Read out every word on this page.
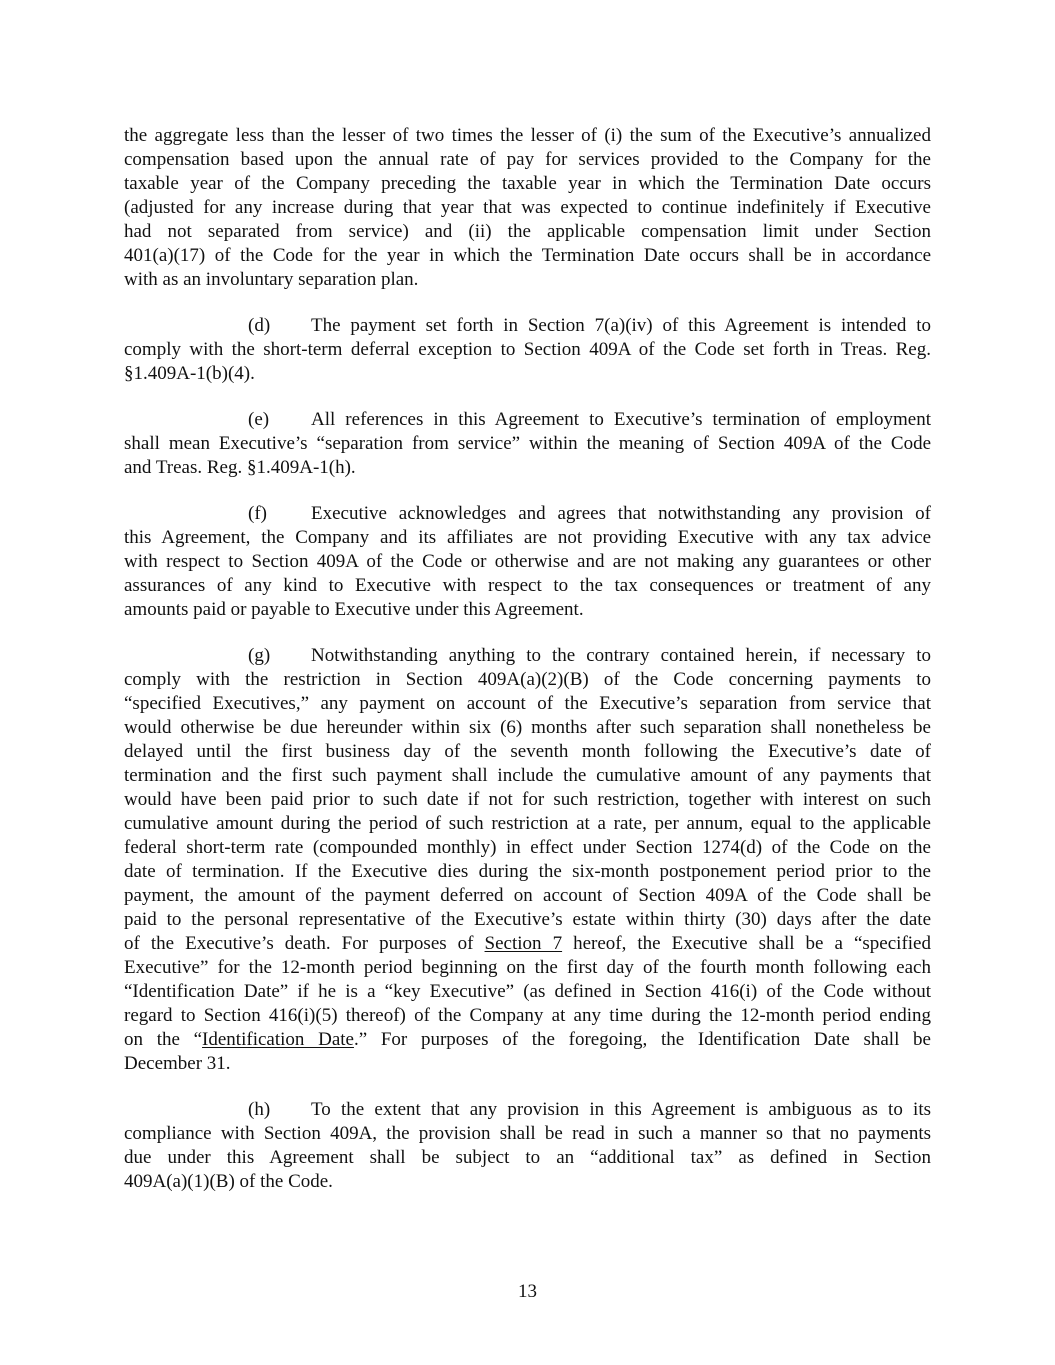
the aggregate less than the lesser of two times the lesser of (i) the sum of the Executive’s annualized
compensation based upon the annual rate of pay for services provided to the Company for the
taxable year of the Company preceding the taxable year in which the Termination Date occurs
(adjusted for any increase during that year that was expected to continue indefinitely if Executive
had not separated from service) and (ii) the applicable compensation limit under Section
401(a)(17) of the Code for the year in which the Termination Date occurs shall be in accordance
with as an involuntary separation plan.
(d) The payment set forth in Section 7(a)(iv) of this Agreement is intended to
comply with the short-term deferral exception to Section 409A of the Code set forth in Treas. Reg.
§1.409A-1(b)(4).
(e) All references in this Agreement to Executive’s termination of employment
shall mean Executive’s “separation from service” within the meaning of Section 409A of the Code
and Treas. Reg. §1.409A-1(h).
(f) Executive acknowledges and agrees that notwithstanding any provision of
this Agreement, the Company and its affiliates are not providing Executive with any tax advice
with respect to Section 409A of the Code or otherwise and are not making any guarantees or other
assurances of any kind to Executive with respect to the tax consequences or treatment of any
amounts paid or payable to Executive under this Agreement.
(g) Notwithstanding anything to the contrary contained herein, if necessary to
comply with the restriction in Section 409A(a)(2)(B) of the Code concerning payments to
“specified Executives,” any payment on account of the Executive’s separation from service that
would otherwise be due hereunder within six (6) months after such separation shall nonetheless be
delayed until the first business day of the seventh month following the Executive’s date of
termination and the first such payment shall include the cumulative amount of any payments that
would have been paid prior to such date if not for such restriction, together with interest on such
cumulative amount during the period of such restriction at a rate, per annum, equal to the applicable
federal short-term rate (compounded monthly) in effect under Section 1274(d) of the Code on the
date of termination. If the Executive dies during the six-month postponement period prior to the
payment, the amount of the payment deferred on account of Section 409A of the Code shall be
paid to the personal representative of the Executive’s estate within thirty (30) days after the date
of the Executive’s death. For purposes of Section 7 hereof, the Executive shall be a “specified
Executive” for the 12-month period beginning on the first day of the fourth month following each
“Identification Date” if he is a “key Executive” (as defined in Section 416(i) of the Code without
regard to Section 416(i)(5) thereof) of the Company at any time during the 12-month period ending
on the “Identification Date.” For purposes of the foregoing, the Identification Date shall be
December 31.
(h) To the extent that any provision in this Agreement is ambiguous as to its
compliance with Section 409A, the provision shall be read in such a manner so that no payments
due under this Agreement shall be subject to an “additional tax” as defined in Section
409A(a)(1)(B) of the Code.
13
